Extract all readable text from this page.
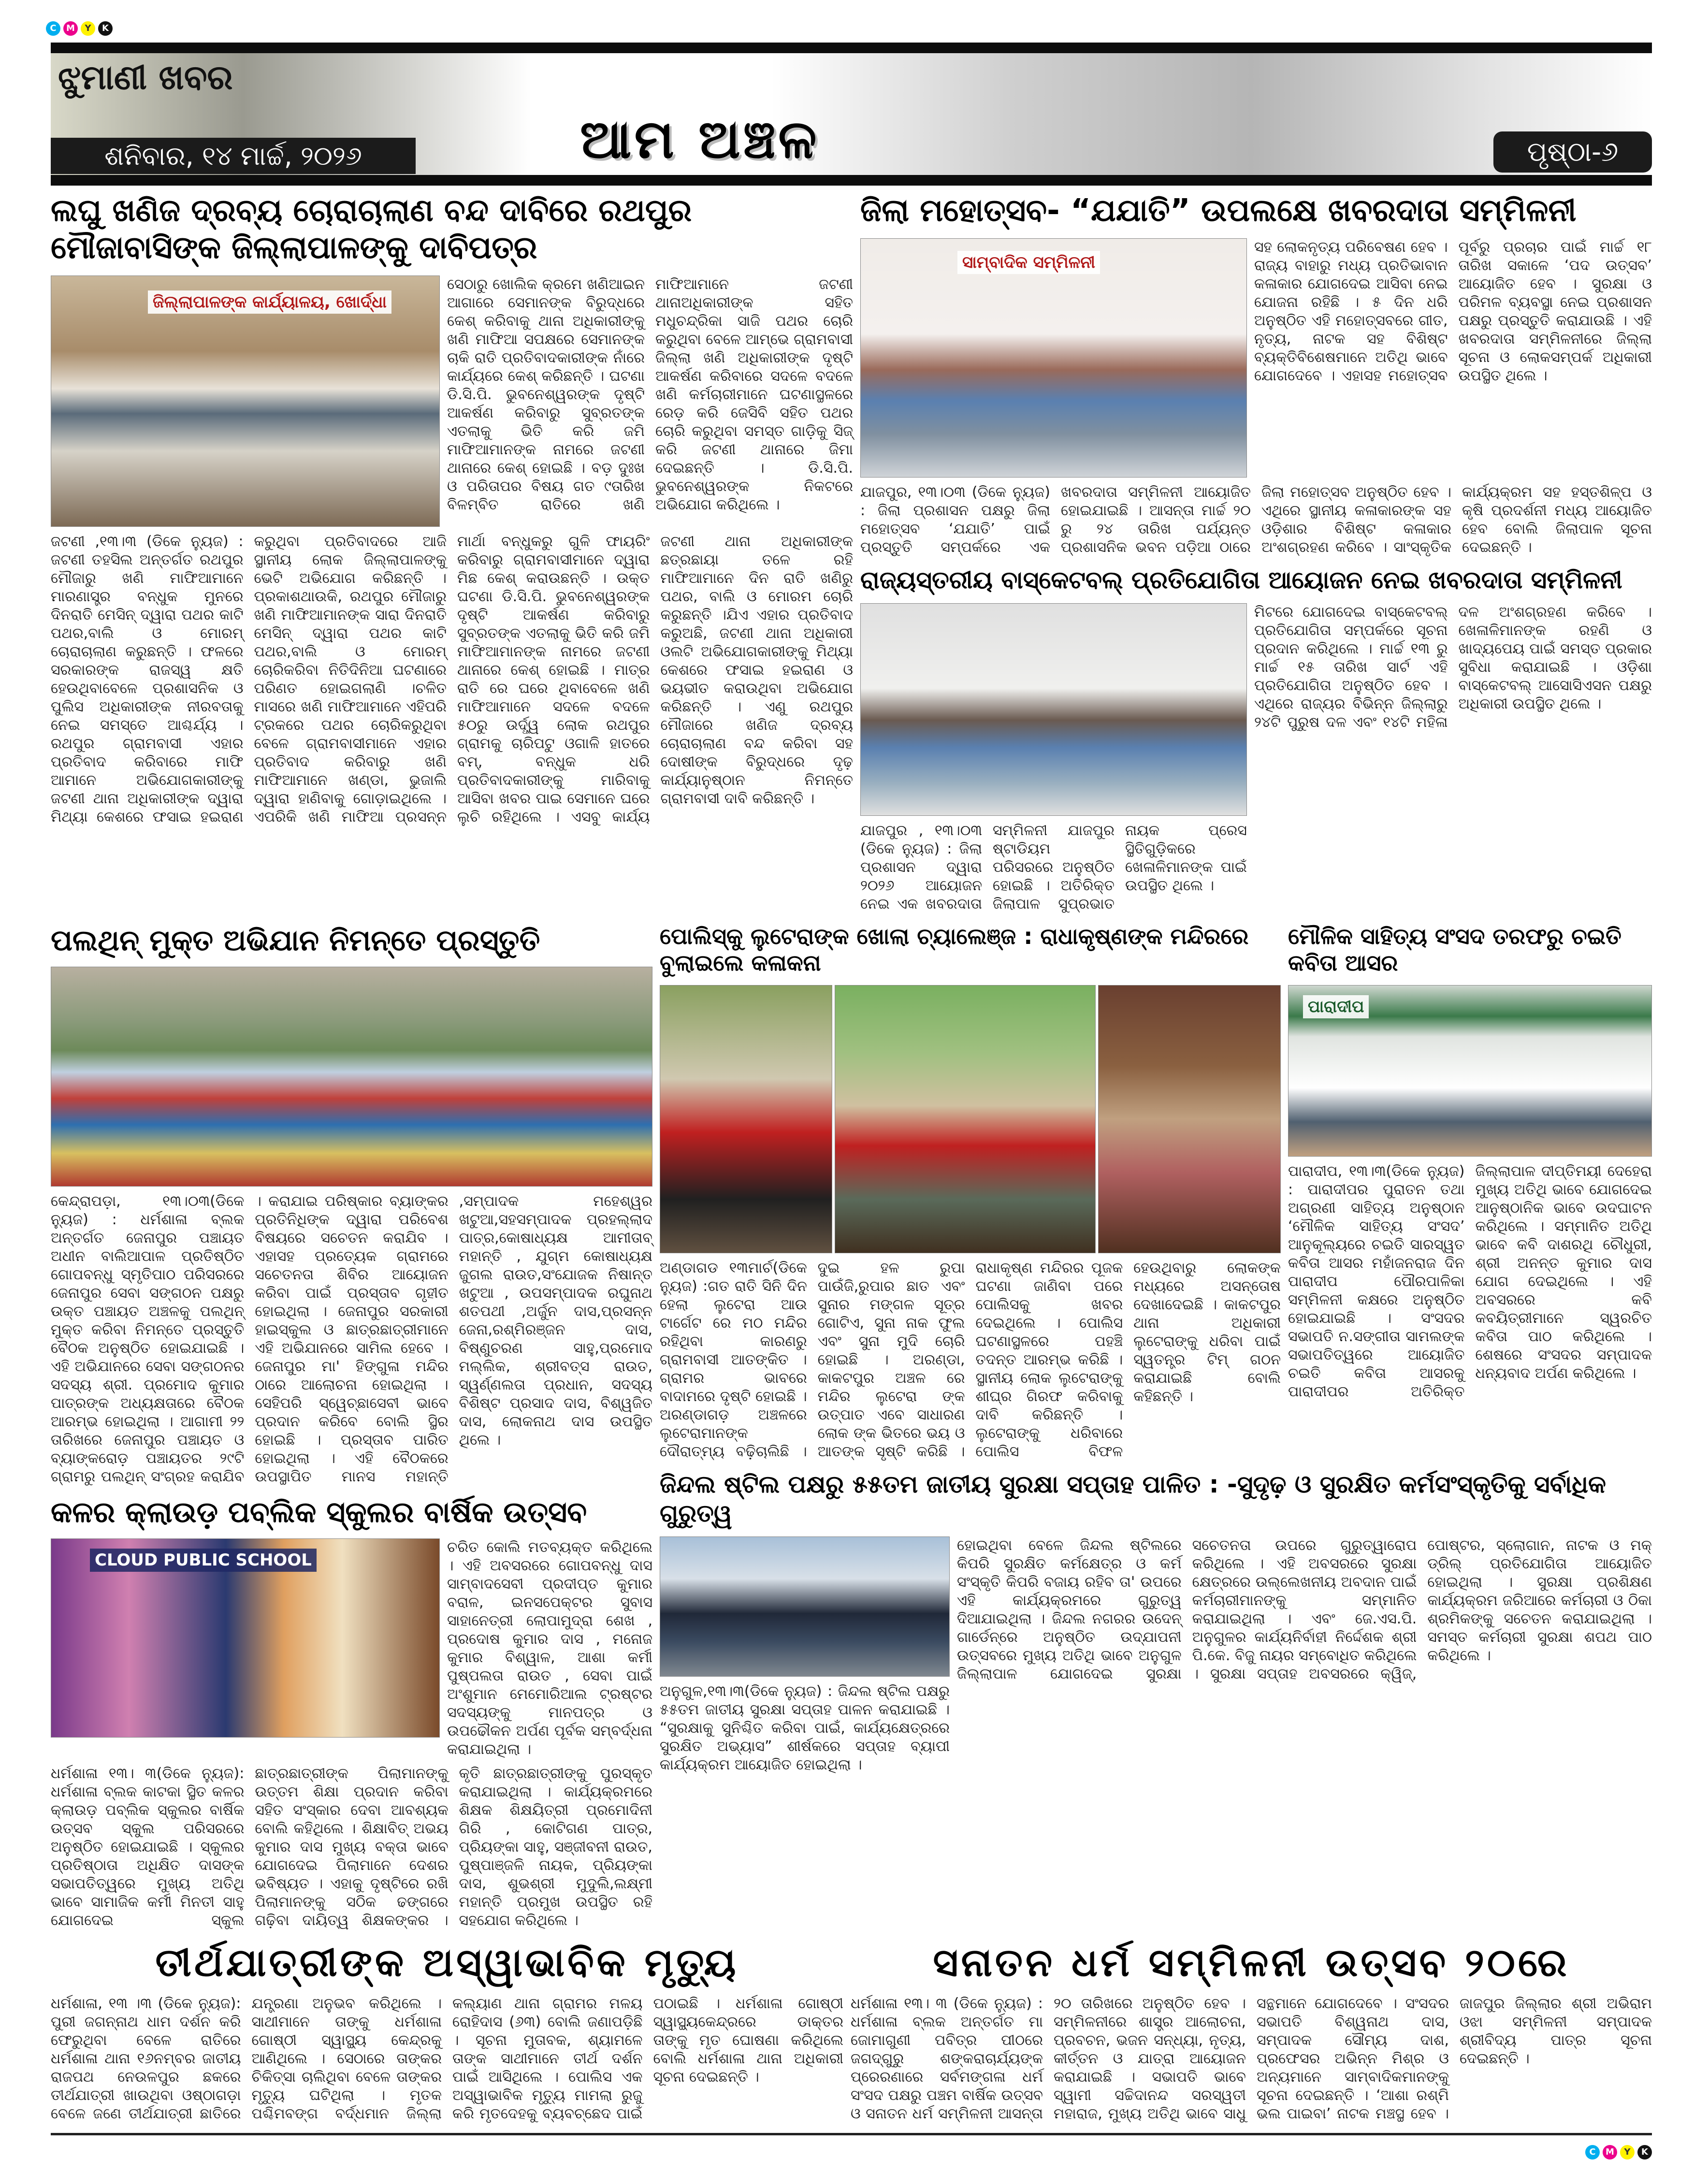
C	M	Y	K
ଝୁମାଣୀ ଖବର
ଶନିବାର, ୧୪ ମାର୍ଚ୍ଚ, ୨୦୨୬	ଆମ ଅଞ୍ଚଳ	ପୃଷ୍ଠା-୬
ଲଘୁ ଖଣିଜ ଦ୍ରବ୍ୟ ଚୋରାଚାଲାଣ ବନ୍ଦ ଦାବିରେ ରଥପୁର ମୌଜାବାସିଙ୍କ ଜିଲ୍ଲାପାଳଙ୍କୁ ଦାବିପତ୍ର
ଜିଲ୍ଲାପାଳଙ୍କ କାର୍ଯ୍ୟାଳୟ, ଖୋର୍ଦ୍ଧା
ସେଠାରୁ ଖୋଲିକ କ୍ରମେ ଖଣିଆଇନ ଆଗାରେ ସେମାନଙ୍କ ବିରୁଦ୍ଧରେ କେଶ୍ କରିବାକୁ ଥାନା ଅଧିକାରୀଙ୍କୁ ଖଣି ମାଫିଆ ସପକ୍ଷରେ ସେମାନଙ୍କ ଚାକି ରାତି ପ୍ରତିବାଦକାରୀଙ୍କ ନାଁରେ କାର୍ଯ୍ୟରେ କେଶ୍ କରିଛନ୍ତି । ଘଟଣା ଡି.ସି.ପି. ଭୁବନେଶ୍ୱରଙ୍କ ଦୃଷ୍ଟି ଆକର୍ଷଣ କରିବାରୁ ସୁବ୍ରତଙ୍କ ଏତଲାକୁ ଭିତି କରି ଜମି ମାଫିଆମାନଙ୍କ ନାମରେ ଜଟଣୀ ଥାନାରେ କେଶ୍ ହୋଇଛି । ବଡ଼ ଦୁଃଖ ଓ ପରିତାପର ବିଷୟ ଗତ ୯ତାରିଖ ବିଳମ୍ବିତ ରାତିରେ ଖଣି ମାଫିଆମାନେ ଜଟଣୀ ଥାନାଅଧିକାରୀଙ୍କ ସହିତ ମଧୁଚନ୍ଦ୍ରିକା ସାଜି ପଥର ଚୋରି କରୁଥିବା ବେଳେ ଆମ୍ଭେ ଗ୍ରାମବାସୀ ଜିଲ୍ଲା ଖଣି ଅଧିକାରୀଙ୍କ ଦୃଷ୍ଟି ଆକର୍ଷଣ କରିବାରେ ସଦଳେ ବଦଳେ ଖଣି କର୍ମଚାରୀମାନେ ଘଟଣାସ୍ଥଳରେ ରେଡ଼ କରି ଜେସିବି ସହିତ ପଥର ଚୋରି କରୁଥିବା ସମସ୍ତ ଗାଡ଼ିକୁ ସିଜ୍ କରି ଜଟଣୀ ଥାନାରେ ଜିମା ଦେଇଛନ୍ତି । ଡି.ସି.ପି. ଭୁବନେଶ୍ୱରଙ୍କ ନିକଟରେ ଅଭିଯୋଗ କରିଥିଲେ ।
ଜଟଣୀ ,୧୩।୩ (ଡିକେ ନ୍ୟୁଜ) : ଜଟଣୀ ତହସିଲ ଅନ୍ତର୍ଗତ ରଥପୁର ମୌଜାରୁ ଖଣି ମାଫିଆମାନେ ମାରଣାସ୍ତ୍ର ବନ୍ଧୁକ ମୁନରେ ଦିନରାତି ମେସିନ୍ ଦ୍ୱାରା ପଥର କାଟି ପଥର,ବାଲି ଓ ମୋରମ୍ ଚୋରାଚାଲାଣ କରୁଛନ୍ତି । ଫଳରେ ସରକାରଙ୍କ ରାଜସ୍ୱ କ୍ଷତି ହେଉଥିବାବେଳେ ପ୍ରଶାସନିକ ଓ ପୁଲିସ ଅଧିକାରୀଙ୍କ ନୀରବତାକୁ ନେଇ ସମସ୍ତେ ଆଶ୍ଚର୍ଯ୍ୟ । ରଥପୁର ଗ୍ରାମବାସୀ ଏହାର ପ୍ରତିବାଦ କରିବାରେ ମାଫି ଆମାନେ ଅଭିଯୋଗକାରୀଙ୍କୁ ଜଟଣୀ ଥାନା ଅଧିକାରୀଙ୍କ ଦ୍ୱାରା ମିଥ୍ୟା କେଶରେ ଫସାଇ ହଇରାଣ କରୁଥିବା ପ୍ରତିବାଦରେ ଆଜି ସ୍ଥାନୀୟ ଲୋକ ଜିଲ୍ଲାପାଳଙ୍କୁ ଭେଟି ଅଭିଯୋଗ କରିଛନ୍ତି । ପ୍ରକାଶଥାଉକି, ରଥପୁର ମୌଜାରୁ ଖଣି ମାଫିଆମାନଙ୍କ ସାରା ଦିନରାତି ମେସିନ୍ ଦ୍ୱାରା ପଥର କାଟି ପଥର,ବାଲି ଓ ମୋରମ୍ ଚୋରିକରିବା ନିତିଦିନିଆ ଘଟଣାରେ ପରିଣତ ହୋଇଗଲାଣି ।ଚଳିତ ମାସରେ ଖଣି ମାଫିଆମାନେ ଏହିପରି ଟ୍ରକରେ ପଥର ଚୋରିକରୁଥିବା ବେଳେ ଗ୍ରାମବାସୀମାନେ ଏହାର ପ୍ରତିବାଦ କରିବାରୁ ଖଣି ମାଫିଆମାନେ ଖଣ୍ଡା, ଭୁଜାଲି ଦ୍ୱାରା ହାଣିବାକୁ ଗୋଡ଼ାଇଥିଲେ । ଏପରିକି ଖଣି ମାଫିଆ ପ୍ରସନ୍ନ ମାର୍ଥା ବନ୍ଧୁକରୁ ଗୁଳି ଫାୟରିଂ କରିବାରୁ ଗ୍ରାମବାସୀମାନେ ଦ୍ୱାରା ମିଛ କେଶ୍ କରାଉଛନ୍ତି । ଉକ୍ତ ଘଟଣା ଡି.ସି.ପି. ଭୁବନେଶ୍ୱରଙ୍କ ଦୃଷ୍ଟି ଆକର୍ଷଣ କରିବାରୁ ସୁବ୍ରତଙ୍କ ଏତଲାକୁ ଭିତି କରି ଜମି ମାଫିଆମାନଙ୍କ ନାମରେ ଜଟଣୀ ଥାନାରେ କେଶ୍ ହୋଇଛି । ମାତ୍ର ରାତି ରେ ଘରେ ଥିବାବେଳେ ଖଣି ମାଫିଆମାନେ ସଦଳେ ବଦଳେ ୫୦ରୁ ଉର୍ଦ୍ଧ୍ୱ ଲୋକ ରଥପୁର ଗ୍ରାମକୁ ଚାରିପଟୁ ଓଗାଳି ହାତରେ ବମ୍, ବନ୍ଧୁକ ଧରି ପ୍ରତିବାଦକାରୀଙ୍କୁ ମାରିବାକୁ ଆସିବା ଖବର ପାଇ ସେମାନେ ଘରେ ଲୁଚି ରହିଥିଲେ । ଏସବୁ କାର୍ଯ୍ୟ ଜଟଣୀ ଥାନା ଅଧିକାରୀଙ୍କ ଛତ୍ରଛାୟା ତଳେ ରହି ମାଫିଆମାନେ ଦିନ ରାତି ଖଣିରୁ ପଥର, ବାଲି ଓ ମୋରମ ଚୋରି କରୁଛନ୍ତି ।ଯିଏ ଏହାର ପ୍ରତିବାଦ କରୁଅଛି, ଜଟଣୀ ଥାନା ଅଧିକାରୀ ଓଲଟି ଅଭିଯୋଗକାରୀଙ୍କୁ ମିଥ୍ୟା କେଶରେ ଫସାଇ ହଇରାଣ ଓ ଭୟଭୀତ କରାଉଥିବା ଅଭିଯୋଗ କରିଛନ୍ତି । ଏଣୁ ରଥପୁର ମୌଜାରେ ଖଣିଜ ଦ୍ରବ୍ୟ ଚୋରାଚାଲାଣ ବନ୍ଦ କରିବା ସହ ଦୋଷୀଙ୍କ ବିରୁଦ୍ଧରେ ଦୃଢ଼ କାର୍ଯ୍ୟାନୁଷ୍ଠାନ ନିମନ୍ତେ ଗ୍ରାମବାସୀ ଦାବି କରିଛନ୍ତି ।
ଜିଲା ମହୋତ୍ସବ- “ଯଯାତି” ଉପଲକ୍ଷେ ଖବରଦାତା ସମ୍ମିଳନୀ
ସାମ୍ବାଦିକ ସମ୍ମିଳନୀ
ସହ ଲୋକନୃତ୍ୟ ପରିବେଷଣ ହେବ । ରାଜ୍ୟ ବାହାରୁ ମଧ୍ୟ ପ୍ରତିଭାବାନ କଳାକାର ଯୋଗଦେଇ ଆସିବା ନେଇ ଯୋଜନା ରହିଛି । ୫ ଦିନ ଧରି ଅନୁଷ୍ଠିତ ଏହି ମହୋତ୍ସବରେ ଗୀତ, ନୃତ୍ୟ, ନାଟକ ସହ ବିଶିଷ୍ଟ ବ୍ୟକ୍ତିବିଶେଷମାନେ ଅତିଥି ଭାବେ ଯୋଗଦେବେ । ଏହାସହ ମହୋତ୍ସବ ପୂର୍ବରୁ ପ୍ରଚାର ପାଇଁ ମାର୍ଚ୍ଚ ୧୮ ତାରିଖ ସକାଳେ ‘ପଦ ଉତ୍ସବ’ ଆୟୋଜିତ ହେବ । ସୁରକ୍ଷା ଓ ପରିମଳ ବ୍ୟବସ୍ଥା ନେଇ ପ୍ରଶାସନ ପକ୍ଷରୁ ପ୍ରସ୍ତୁତି କରାଯାଉଛି । ଏହି ଖବରଦାତା ସମ୍ମିଳନୀରେ ଜିଲ୍ଲା ସୂଚନା ଓ ଲୋକସମ୍ପର୍କ ଅଧିକାରୀ ଉପସ୍ଥିତ ଥିଲେ ।
ଯାଜପୁର, ୧୩।୦୩ (ଡିକେ ନ୍ୟୁଜ) : ଜିଲା ପ୍ରଶାସନ ପକ୍ଷରୁ ଜିଲା ମହୋତ୍ସବ ‘ଯଯାତି’ ପାଇଁ ପ୍ରସ୍ତୁତି ସମ୍ପର୍କରେ ଏକ ଖବରଦାତା ସମ୍ମିଳନୀ ଆୟୋଜିତ ହୋଇଯାଇଛି । ଆସନ୍ତା ମାର୍ଚ୍ଚ ୨୦ ରୁ ୨୪ ତାରିଖ ପର୍ଯ୍ୟନ୍ତ ପ୍ରଶାସନିକ ଭବନ ପଡ଼ିଆ ଠାରେ ଜିଲା ମହୋତ୍ସବ ଅନୁଷ୍ଠିତ ହେବ । ଏଥିରେ ସ୍ଥାନୀୟ କଳାକାରଙ୍କ ସହ ଓଡ଼ିଶାର ବିଶିଷ୍ଟ କଳାକାର ଅଂଶଗ୍ରହଣ କରିବେ । ସାଂସ୍କୃତିକ କାର୍ଯ୍ୟକ୍ରମ ସହ ହସ୍ତଶିଳ୍ପ ଓ କୃଷି ପ୍ରଦର୍ଶନୀ ମଧ୍ୟ ଆୟୋଜିତ ହେବ ବୋଲି ଜିଲାପାଳ ସୂଚନା ଦେଇଛନ୍ତି ।
ରାଜ୍ୟସ୍ତରୀୟ ବାସ୍କେଟବଲ୍ ପ୍ରତିଯୋଗିତା ଆୟୋଜନ ନେଇ ଖବରଦାତା ସମ୍ମିଳନୀ
ଯାଜପୁର , ୧୩।୦୩ (ଡିକେ ନ୍ୟୁଜ) : ଜିଲା ପ୍ରଶାସନ ଦ୍ୱାରା ୨୦୨୬ ଆୟୋଜନ ନେଇ ଏକ ଖବରଦାତା ସମ୍ମିଳନୀ ଯାଜପୁର ଷ୍ଟାଡିୟମ ପରିସରରେ ଅନୁଷ୍ଠିତ ହୋଇଛି । ଅତିରିକ୍ତ ଜିଲାପାଳ ସୁପ୍ରଭାତ ନାୟକ ପ୍ରେସ ସ୍ଥିତିଗୁଡ଼ିକରେ ଖେଳାଳିମାନଙ୍କ ପାଇଁ ଉପସ୍ଥିତ ଥିଲେ ।
ମିଟରେ ଯୋଗଦେଇ ବାସ୍କେଟବଲ୍ ପ୍ରତିଯୋଗିତା ସମ୍ପର୍କରେ ସୂଚନା ପ୍ରଦାନ କରିଥିଲେ । ମାର୍ଚ୍ଚ ୧୩ ରୁ ମାର୍ଚ୍ଚ ୧୫ ତାରିଖ ସାର୍ଟ ଏହି ପ୍ରତିଯୋଗିତା ଅନୁଷ୍ଠିତ ହେବ । ଏଥିରେ ରାଜ୍ୟର ବିଭିନ୍ନ ଜିଲ୍ଲାରୁ ୨୪ଟି ପୁରୁଷ ଦଳ ଏବଂ ୧୪ଟି ମହିଳା ଦଳ ଅଂଶଗ୍ରହଣ କରିବେ । ଖେଳାଳିମାନଙ୍କ ରହଣି ଓ ଖାଦ୍ୟପେୟ ପାଇଁ ସମସ୍ତ ପ୍ରକାର ସୁବିଧା କରାଯାଇଛି । ଓଡ଼ିଶା ବାସ୍କେଟବଲ୍ ଆସୋସିଏସନ ପକ୍ଷରୁ ଅଧିକାରୀ ଉପସ୍ଥିତ ଥିଲେ ।
ପଲଥିନ୍ ମୁକ୍ତ ଅଭିଯାନ ନିମନ୍ତେ ପ୍ରସ୍ତୁତି
କେନ୍ଦ୍ରାପଡ଼ା, ୧୩।୦୩(ଡିକେ ନ୍ୟୁଜ) : ଧର୍ମଶାଳା ବ୍ଲକ ଅନ୍ତର୍ଗତ ଜେନାପୁର ପଞ୍ଚାୟତ ଅଧୀନ ବାଲିଆପାଳ ପ୍ରତିଷ୍ଠିତ ଗୋପବନ୍ଧୁ ସ୍ମୃତିପାଠ ପରିସରରେ ଜେନାପୁର ସେବା ସଙ୍ଗଠନ ପକ୍ଷରୁ ଉକ୍ତ ପଞ୍ଚାୟତ ଅଞ୍ଚଳକୁ ପଲଥିନ୍ ମୁକ୍ତ କରିବା ନିମନ୍ତେ ପ୍ରସ୍ତୁତି ବୈଠକ ଅନୁଷ୍ଠିତ ହୋଇଯାଇଛି । ଏହି ଅଭିଯାନରେ ସେବା ସଙ୍ଗଠନର ସଦସ୍ୟ ଶ୍ରୀ. ପ୍ରମୋଦ କୁମାର ପାତ୍ରଙ୍କ ଅଧ୍ୟକ୍ଷତାରେ ବୈଠକ ଆରମ୍ଭ ହୋଇଥିଲା । ଆଗାମୀ ୨୨ ତାରିଖରେ ଜେନାପୁର ପଞ୍ଚାୟତ ଓ ବ୍ୟାଙ୍କରୋଡ଼ ପଞ୍ଚାୟତର ୨୯ଟି ଗ୍ରାମରୁ ପଲଥିନ୍ ସଂଗ୍ରହ କରାଯିବ । କରାଯାଇ ପରିଷ୍କାର ବ୍ୟାଙ୍କର ପ୍ରତିନିଧିଙ୍କ ଦ୍ୱାରା ପରିବେଶ ବିଷୟରେ ସଚେତନ କରାଯିବ । ଏହାସହ ପ୍ରତ୍ୟେକ ଗ୍ରାମରେ ସଚେତନତା ଶିବିର ଆୟୋଜନ କରିବା ପାଇଁ ପ୍ରସ୍ତାବ ଗୃହୀତ ହୋଇଥିଲା । ଜେନାପୁର ସରକାରୀ ହାଇସ୍କୁଲ ଓ ଛାତ୍ରଛାତ୍ରୀମାନେ ଏହି ଅଭିଯାନରେ ସାମିଲ ହେବେ । ଜେନାପୁର ମା' ହିଙ୍ଗୁଳା ମନ୍ଦିର ଠାରେ ଆଲୋଚନା ହୋଇଥିଲା । ସେହିପରି ସ୍ୱେଚ୍ଛାସେବୀ ଭାବେ ପ୍ରଦାନ କରିବେ ବୋଲି ସ୍ଥିର ହୋଇଛି । ପ୍ରସ୍ତାବ ପାରିତ ହୋଇଥିଲା । ଏହି ବୈଠକରେ ଉପସ୍ଥାପିତ ମାନସ ମହାନ୍ତି ,ସମ୍ପାଦକ ମହେଶ୍ୱର ଖଟୁଆ,ସହସମ୍ପାଦକ ପ୍ରହଲ୍ଲାଦ ପାତ୍ର,କୋଷାଧ୍ୟକ୍ଷ ଆମୀତାବ୍ ମହାନ୍ତି , ଯୁଗ୍ମ କୋଷାଧ୍ୟକ୍ଷ ଜୁଗଲ ରାଉତ,ସଂଯୋଜକ ନିଷାନ୍ତ ଖଟୁଆ , ଉପସମ୍ପାଦକ ରଘୁନାଥ ଶତପଥୀ ,ଅର୍ଜୁନ ଦାସ,ପ୍ରସନ୍ନ ଜେନା,ରଶ୍ମିରଞ୍ଜନ ଦାସ, ବିଷ୍ଣୁଚରଣ ସାହୁ,ପ୍ରମୋଦ ମଲ୍ଲିକ, ଶ୍ରୀବତ୍ସ ରାଉତ, ସ୍ୱର୍ଣ୍ଣଲତା ପ୍ରଧାନ, ସଦସ୍ୟ ବିଶିଷ୍ଟ ପ୍ରସାଦ ଦାସ, ବିଶ୍ୱଜିତ ଦାସ, ଲୋକନାଥ ଦାସ ଉପସ୍ଥିତ ଥିଲେ ।
କଳର କ୍ଲାଉଡ଼ ପବ୍ଲିକ ସ୍କୁଲର ବାର୍ଷିକ ଉତ୍ସବ
CLOUD PUBLIC SCHOOL
ଚରିତ କୋଲି ମତବ୍ୟକ୍ତ କରିଥିଲେ । ଏହି ଅବସରରେ ଗୋପବନ୍ଧୁ ଦାସ ସାମ୍ବାଦସେବୀ ପ୍ରଦୀପ୍ତ କୁମାର ବରାଳ, ଇନସପେକ୍ଟର ସୁବାସ ସାହାନେତ୍ରୀ ଲୋପାମୁଦ୍ରା ଶେଖ , ପ୍ରଦୋଷ କୁମାର ଦାସ , ମନୋଜ କୁମାର ବିଶ୍ୱାଳ, ଆଶା କର୍ମୀ ପୁଷ୍ପଲତା ରାଉତ , ସେବା ପାଇଁ ଅଂଶୁମାନ ମେମୋରିଆଲ ଟ୍ରଷ୍ଟର ସଦସ୍ୟଙ୍କୁ ମାନପତ୍ର ଓ ଉପଢୌକନ ଅର୍ପଣ ପୂର୍ବକ ସମ୍ବର୍ଦ୍ଧନା କରାଯାଇଥିଲା ।
ଧର୍ମଶାଳା ୧୩। ୩(ଡିକେ ନ୍ୟୁଜ): ଧର୍ମଶାଳା ବ୍ଲକ କାଟକା ସ୍ଥିତ କଳର କ୍ଲାଉଡ଼ ପବ୍ଲିକ ସ୍କୁଲର ବାର୍ଷିକ ଉତ୍ସବ ସ୍କୁଲ ପରିସରରେ ଅନୁଷ୍ଠିତ ହୋଇଯାଇଛି । ସ୍କୁଲର ପ୍ରତିଷ୍ଠାତା ଅଧିକ୍ଷିତ ଦାସଙ୍କ ସଭାପତିତ୍ୱରେ ମୁଖ୍ୟ ଅତିଥି ଭାବେ ସାମାଜିକ କର୍ମୀ ମିନତୀ ସାହୁ ଯୋଗଦେଇ ସ୍କୁଲ ଛାତ୍ରଛାତ୍ରୀଙ୍କ ପିଲାମାନଙ୍କୁ ଉତ୍ତମ ଶିକ୍ଷା ପ୍ରଦାନ କରିବା ସହିତ ସଂସ୍କାର ଦେବା ଆବଶ୍ୟକ ବୋଲି କହିଥିଲେ । ଶିକ୍ଷାବିତ୍ ଅଭୟ କୁମାର ଦାସ ମୁଖ୍ୟ ବକ୍ତା ଭାବେ ଯୋଗଦେଇ ପିଲାମାନେ ଦେଶର ଭବିଷ୍ୟତ । ଏହାକୁ ଦୃଷ୍ଟିରେ ରଖି ପିଲାମାନଙ୍କୁ ସଠିକ ଢଙ୍ଗରେ ଗଢ଼ିବା ଦାୟିତ୍ୱ ଶିକ୍ଷକଙ୍କର । କୃତି ଛାତ୍ରଛାତ୍ରୀଙ୍କୁ ପୁରସ୍କୃତ କରାଯାଇଥିଲା । କାର୍ଯ୍ୟକ୍ରମରେ ଶିକ୍ଷକ ଶିକ୍ଷୟିତ୍ରୀ ପ୍ରମୋଦିନୀ ଗିରି , କୋଟିଗଣ ପାତ୍ର, ପ୍ରିୟଙ୍କା ସାହୁ, ସଞ୍ଜୀବନୀ ରାଉତ, ପୁଷ୍ପାଞ୍ଜଳି ନାୟକ, ପ୍ରିୟଙ୍କା ଦାସ, ଶୁଭଶ୍ରୀ ମୁଦୁଲି,ଲକ୍ଷ୍ମୀ ମହାନ୍ତି ପ୍ରମୁଖ ଉପସ୍ଥିତ ରହି ସହଯୋଗ କରିଥିଲେ ।
ପୋଲିସ୍‌କୁ ଲୁଟେରାଙ୍କ ଖୋଲା ଚ୍ୟାଲେଞ୍ଜ : ରାଧାକୃଷ୍ଣଙ୍କ ମନ୍ଦିରରେ ବୁଲାଇଲେ କଳାକନା
ଅଣ୍ଡାଗଡ ୧୩ମାର୍ଚ(ଡିକେ ନ୍ୟୁଜ) :ଗତ ରାତି ସିନି ଦିନ ହେଲା ଲୁଟେରା ଆଉ ଟାର୍ଗେଟ ରେ ମଠ ମନ୍ଦିର ରହିଥିବା କାରଣରୁ ଗ୍ରାମବାସୀ ଆତଙ୍କିତ । ଗ୍ରାମର ଭାବରେ ବାଦାମରେ ଦୃଷ୍ଟି ହୋଇଛି । ଅରଣ୍ଡାଗଡ଼ ଅଞ୍ଚଳରେ ଲୁଟେରାମାନଙ୍କ ଦୌରାତ୍ମ୍ୟ ବଢ଼ିଚାଲିଛି । ଦୁଇ ହଳ ରୁପା ପାଉଁଜି,ରୁପାର ଛାତ ଏବଂ ସୁନାର ମଙ୍ଗଳ ସୂତ୍ର ଗୋଟିଏ, ସୁନା ନାକ ଫୁଲ ଏବଂ ସୁନା ମୁଦି ଚୋରି ହୋଇଛି । ଅରଣ୍ଡା, କାକଟପୁର ଅଞ୍ଚଳ ରେ ମନ୍ଦିର ଲୁଟେରା ଙ୍କ ଉତ୍ପାତ ଏବେ ସାଧାରଣ ଲୋକ ଙ୍କ ଭିତରେ ଭୟ ଓ ଆତଙ୍କ ସୃଷ୍ଟି କରିଛି । ରାଧାକୃଷ୍ଣ ମନ୍ଦିରର ପୂଜକ ଘଟଣା ଜାଣିବା ପରେ ପୋଲିସକୁ ଖବର ଦେଇଥିଲେ । ପୋଲିସ ଘଟଣାସ୍ଥଳରେ ପହଞ୍ଚି ତଦନ୍ତ ଆରମ୍ଭ କରିଛି । ସ୍ଥାନୀୟ ଲୋକ ଲୁଟେରାଙ୍କୁ ଶୀଘ୍ର ଗିରଫ କରିବାକୁ ଦାବି କରିଛନ୍ତି । ଲୁଟେରାଙ୍କୁ ଧରିବାରେ ପୋଲିସ ବିଫଳ ହେଉଥିବାରୁ ଲୋକଙ୍କ ମଧ୍ୟରେ ଅସନ୍ତୋଷ ଦେଖାଦେଇଛି । କାକଟପୁର ଥାନା ଅଧିକାରୀ ଲୁଟେରାଙ୍କୁ ଧରିବା ପାଇଁ ସ୍ୱତନ୍ତ୍ର ଟିମ୍ ଗଠନ କରାଯାଇଛି ବୋଲି କହିଛନ୍ତି ।
ମୌଳିକ ସାହିତ୍ୟ ସଂସଦ ତରଫରୁ ଚଇତି କବିତା ଆସର
ପାରାଦୀପ
ପାରାଦୀପ, ୧୩।୩(ଡିକେ ନ୍ୟୁଜ) : ପାରାଦୀପର ପୁରାତନ ତଥା ଅଗ୍ରଣୀ ସାହିତ୍ୟ ଅନୁଷ୍ଠାନ ‘ମୌଳିକ ସାହିତ୍ୟ ସଂସଦ’ ଆନୁକୂଲ୍ୟରେ ଚଇତି ସାରସ୍ୱତ କବିତା ଆସର ମହାଁଜନରାଜ ଦିନ ପାରାଦୀପ ପୌରପାଳିକା ସମ୍ମିଳନୀ କକ୍ଷରେ ଅନୁଷ୍ଠିତ ହୋଇଯାଇଛି । ସଂସଦର ସଭାପତି ନ.ସଙ୍ଗୀତା ସାମଲଙ୍କ ସଭାପତିତ୍ୱରେ ଆୟୋଜିତ ଚଇତି କବିତା ଆସରକୁ ପାରାଦୀପର ଅତିରିକ୍ତ ଜିଲ୍ଲାପାଳ ଦୀପ୍ତିମୟୀ ଦେହେରା ମୁଖ୍ୟ ଅତିଥି ଭାବେ ଯୋଗଦେଇ ଆନୁଷ୍ଠାନିକ ଭାବେ ଉଦଘାଟନ କରିଥିଲେ । ସମ୍ମାନିତ ଅତିଥି ଭାବେ କବି ଦାଶରଥି ଚୌଧୁରୀ, ଶ୍ରୀ ଅନନ୍ତ କୁମାର ଦାସ ଯୋଗ ଦେଇଥିଲେ । ଏହି ଅବସରରେ କବି କବୟିତ୍ରୀମାନେ ସ୍ୱରଚିତ କବିତା ପାଠ କରିଥିଲେ । ଶେଷରେ ସଂସଦର ସମ୍ପାଦକ ଧନ୍ୟବାଦ ଅର୍ପଣ କରିଥିଲେ ।
ଜିନ୍ଦଲ ଷ୍ଟିଲ ପକ୍ଷରୁ ୫୫ତମ ଜାତୀୟ ସୁରକ୍ଷା ସପ୍ତାହ ପାଳିତ : -ସୁଦୃଢ଼ ଓ ସୁରକ୍ଷିତ କର୍ମସଂସ୍କୃତିକୁ ସର୍ବାଧିକ ଗୁରୁତ୍ୱ
ଅନୁଗୁଳ,୧୩।୩(ଡିକେ ନ୍ୟୁଜ) : ଜିନ୍ଦଲ ଷ୍ଟିଲ ପକ୍ଷରୁ ୫୫ତମ ଜାତୀୟ ସୁରକ୍ଷା ସପ୍ତାହ ପାଳନ କରାଯାଇଛି । “ସୁରକ୍ଷାକୁ ସୁନିଶ୍ଚିତ କରିବା ପାଇଁ, କାର୍ଯ୍ୟକ୍ଷେତ୍ରରେ ସୁରକ୍ଷିତ ଅଭ୍ୟାସ” ଶୀର୍ଷକରେ ସପ୍ତାହ ବ୍ୟାପୀ କାର୍ଯ୍ୟକ୍ରମ ଆୟୋଜିତ ହୋଇଥିଲା ।
ହୋଇଥିବା ବେଳେ ଜିନ୍ଦଲ ଷ୍ଟିଲରେ କିପରି ସୁରକ୍ଷିତ କର୍ମକ୍ଷେତ୍ର ଓ କର୍ମ ସଂସ୍କୃତି କିପରି ବଜାୟ ରହିବ ତା' ଉପରେ ଏହି କାର୍ଯ୍ୟକ୍ରମରେ ଗୁରୁତ୍ୱ ଦିଆଯାଇଥିଲା । ଜିନ୍ଦଲ ନଗରର ଉଦେନ୍ ଗାର୍ଡେନ୍‌ରେ ଅନୁଷ୍ଠିତ ଉଦ୍‌ଯାପନୀ ଉତ୍ସବରେ ମୁଖ୍ୟ ଅତିଥି ଭାବେ ଅନୁଗୁଳ ଜିଲ୍ଲାପାଳ ଯୋଗଦେଇ ସୁରକ୍ଷା ସଚେତନତା ଉପରେ ଗୁରୁତ୍ୱାରୋପ କରିଥିଲେ । ଏହି ଅବସରରେ ସୁରକ୍ଷା କ୍ଷେତ୍ରରେ ଉଲ୍ଲେଖନୀୟ ଅବଦାନ ପାଇଁ କର୍ମଚାରୀମାନଙ୍କୁ ସମ୍ମାନିତ କରାଯାଇଥିଲା । ଏବଂ ଜେ.ଏସ.ପି. ଅନୁଗୁଳର କାର୍ଯ୍ୟନିର୍ବାହୀ ନିର୍ଦ୍ଦେଶକ ଶ୍ରୀ ପି.କେ. ବିଜୁ ନାୟର ସମ୍ବୋଧିତ କରିଥିଲେ । ସୁରକ୍ଷା ସପ୍ତାହ ଅବସରରେ କ୍ୱିଜ୍, ପୋଷ୍ଟର, ସ୍ଲୋଗାନ, ନାଟକ ଓ ମକ୍ ଡ୍ରିଲ୍ ପ୍ରତିଯୋଗିତା ଆୟୋଜିତ ହୋଇଥିଲା । ସୁରକ୍ଷା ପ୍ରଶିକ୍ଷଣ କାର୍ଯ୍ୟକ୍ରମ ଜରିଆରେ କର୍ମଚାରୀ ଓ ଠିକା ଶ୍ରମିକଙ୍କୁ ସଚେତନ କରାଯାଇଥିଲା । ସମସ୍ତ କର୍ମଚାରୀ ସୁରକ୍ଷା ଶପଥ ପାଠ କରିଥିଲେ ।
ତୀର୍ଥଯାତ୍ରୀଙ୍କ ଅସ୍ୱାଭାବିକ ମୃତ୍ୟୁ
ଧର୍ମଶାଳା, ୧୩ ।୩ (ଡିକେ ନ୍ୟୁଜ): ପୁରୀ ଜଗନ୍ନାଥ ଧାମ ଦର୍ଶନ କରି ଫେରୁଥିବା ବେଳେ ରାତିରେ ଧର୍ମଶାଳା ଥାନା ୧୬ନମ୍ବର ଜାତୀୟ ରାଜପଥ ନେଉଳପୁର ଛକରେ ତୀର୍ଥଯାତ୍ରୀ ଖାଉଥିବା ଓଷ୍ଠାଗଡ଼ା ବେଳେ ଜଣେ ତୀର୍ଥଯାତ୍ରୀ ଛାତିରେ ଯନ୍ତ୍ରଣା ଅନୁଭବ କରିଥିଲେ । ସାଥୀମାନେ ତାଙ୍କୁ ଧର୍ମଶାଳା ଗୋଷ୍ଠୀ ସ୍ୱାସ୍ଥ୍ୟ କେନ୍ଦ୍ରକୁ ଆଣିଥିଲେ । ସେଠାରେ ତାଙ୍କର ଚିକିତ୍ସା ଚାଲିଥିବା ବେଳେ ତାଙ୍କର ମୃତ୍ୟୁ ଘଟିଥିଲା । ମୃତକ ପଶ୍ଚିମବଙ୍ଗ ବର୍ଦ୍ଧମାନ ଜିଲ୍ଲା କଲ୍ୟାଣ ଥାନା ଗ୍ରାମର ମଳୟ ରୋହିଦାସ (୬୩) ବୋଲି ଜଣାପଡ଼ିଛି । ସୂଚନା ମୁତାବକ, ଶ୍ୟାମଳେ ତାଙ୍କ ସାଥୀମାନେ ତୀର୍ଥ ଦର୍ଶନ ପାଇଁ ଆସିଥିଲେ । ପୋଲିସ ଏକ ଅସ୍ୱାଭାବିକ ମୃତ୍ୟୁ ମାମଲା ରୁଜୁ କରି ମୃତଦେହକୁ ବ୍ୟବଚ୍ଛେଦ ପାଇଁ ପଠାଇଛି । ଧର୍ମଶାଳା ଗୋଷ୍ଠୀ ସ୍ୱାସ୍ଥ୍ୟକେନ୍ଦ୍ରରେ ଡାକ୍ତର ତାଙ୍କୁ ମୃତ ଘୋଷଣା କରିଥିଲେ ବୋଲି ଧର୍ମଶାଳା ଥାନା ଅଧିକାରୀ ସୂଚନା ଦେଇଛନ୍ତି ।
ସନାତନ ଧର୍ମ ସମ୍ମିଳନୀ ଉତ୍ସବ ୨୦ରେ
ଧର୍ମଶାଳା ୧୩। ୩ (ଡିକେ ନ୍ୟୁଜ) : ଧର୍ମଶାଳା ବ୍ଲକ ଅନ୍ତର୍ଗତ ମା ଜୋମାଗୁଣୀ ପବିତ୍ର ପୀଠରେ ଜଗଦ୍‌ଗୁରୁ ଶଙ୍କରାଚାର୍ଯ୍ୟଙ୍କ ପ୍ରେରଣାରେ ସର୍ବମଙ୍ଗଳା ଧର୍ମ ସଂସଦ ପକ୍ଷରୁ ପଞ୍ଚମ ବାର୍ଷିକ ଉତ୍ସବ ଓ ସନାତନ ଧର୍ମ ସମ୍ମିଳନୀ ଆସନ୍ତା ୨୦ ତାରିଖରେ ଅନୁଷ୍ଠିତ ହେବ । ସମ୍ମିଳନୀରେ ଶାସ୍ତ୍ର ଆଲୋଚନା, ପ୍ରବଚନ, ଭଜନ ସନ୍ଧ୍ୟା, ନୃତ୍ୟ, କୀର୍ତ୍ତନ ଓ ଯାତ୍ରା ଆୟୋଜନ କରାଯାଇଛି । ସଭାପତି ଭାବେ ସ୍ୱାମୀ ସଚ୍ଚିଦାନନ୍ଦ ସରସ୍ୱତୀ ମହାରାଜ, ମୁଖ୍ୟ ଅତିଥି ଭାବେ ସାଧୁ ସନ୍ଥମାନେ ଯୋଗଦେବେ । ସଂସଦର ସଭାପତି ବିଶ୍ୱନାଥ ଦାସ, ସମ୍ପାଦକ ସୌମ୍ୟ ଦାଶ, ପ୍ରଫେସର ଅଭିନ୍ନ ମିଶ୍ର ଓ ଅନ୍ୟମାନେ ସାମ୍ବାଦିକମାନଙ୍କୁ ସୂଚନା ଦେଇଛନ୍ତି । ‘ଆଶା ରଶ୍ମି ଭଲ ପାଇବା’ ନାଟକ ମଞ୍ଚସ୍ଥ ହେବ । ଜାଜପୁର ଜିଲ୍ଲାର ଶ୍ରୀ ଅଭିରାମ ଓଝା ସମ୍ମିଳନୀ ସମ୍ପାଦକ ଶ୍ରୀବିଦ୍ୟ ପାତ୍ର ସୂଚନା ଦେଇଛନ୍ତି ।
C	M	Y	K
